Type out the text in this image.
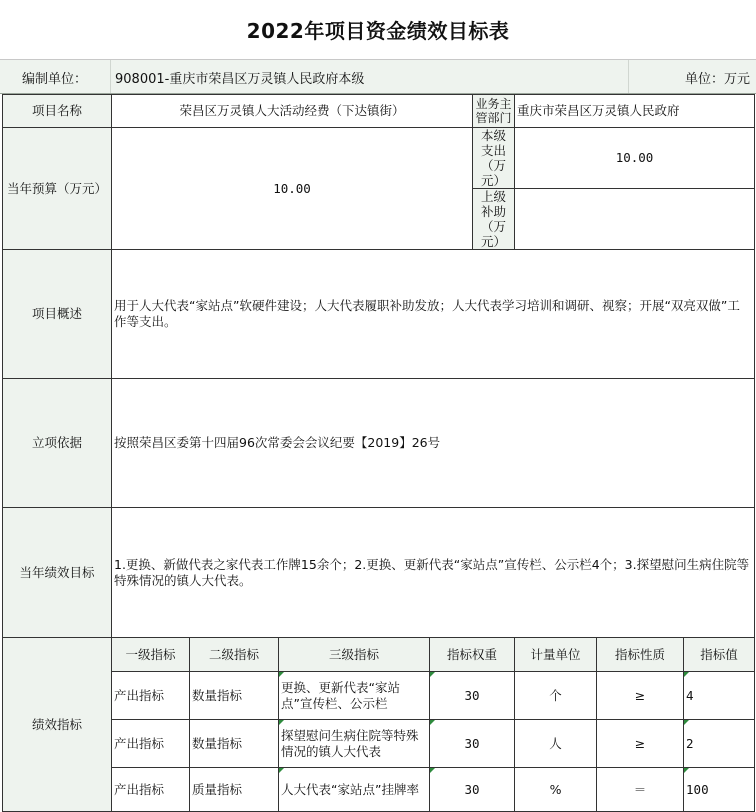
2022年项目资金绩效目标表
编制单位： 908001-重庆市荣昌区万灵镇人民政府本级	单位：万元
项目名称	荣昌区万灵镇人大活动经费（下达镇街）				业务主管部门	重庆市荣昌区万灵镇人民政府		
当年预算（万元）	10.00				本级支出（万元）	10.00		
					上级补助（万元）			
项目概述	用于人大代表“家站点”软硬件建设；人大代表履职补助发放；人大代表学习培训和调研、视察；开展“双亮双做”工作等支出。							
立项依据	按照荣昌区委第十四届96次常委会会议纪要【2019】26号							
当年绩效目标	1.更换、新做代表之家代表工作牌15余个；2.更换、更新代表“家站点”宣传栏、公示栏4个；3.探望慰问生病住院等特殊情况的镇人大代表。							
绩效指标	一级指标	二级指标	三级指标	指标权重		计量单位	指标性质	指标值
	产出指标	数量指标	更换、更新代表“家站点”宣传栏、公示栏	30		个	≥	4
	产出指标	数量指标	探望慰问生病住院等特殊情况的镇人大代表	30		人	≥	2
	产出指标	质量指标	人大代表“家站点”挂牌率	30		%	＝	100
